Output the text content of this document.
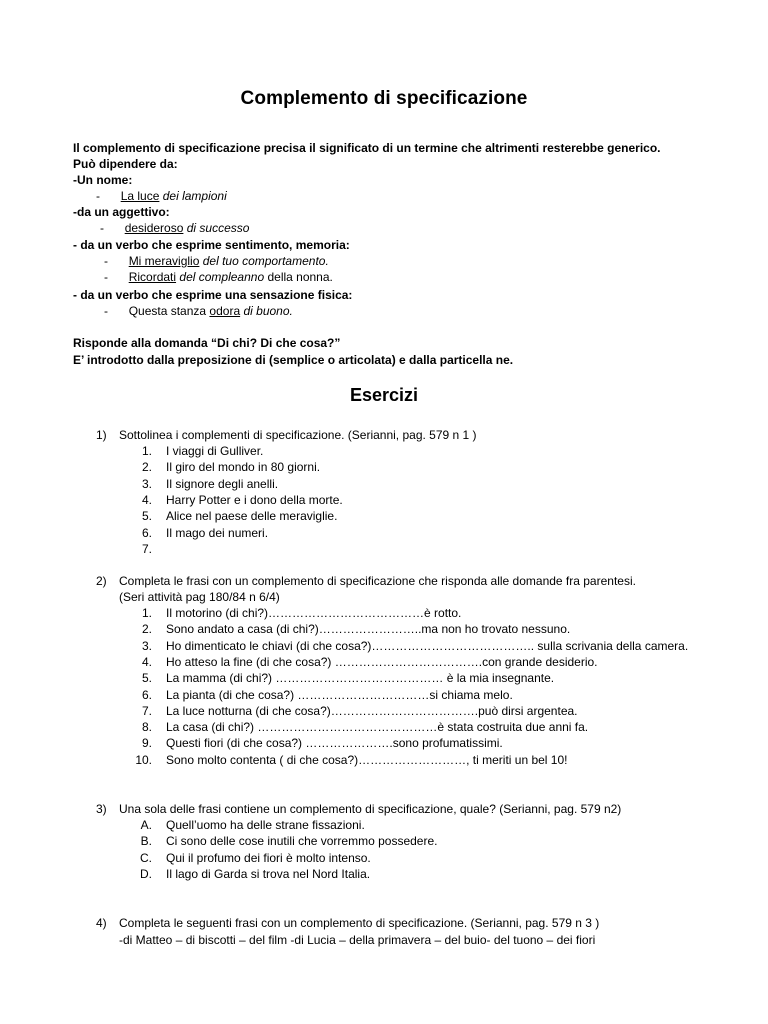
Complemento di specificazione
Il complemento di specificazione precisa il significato di un termine che altrimenti resterebbe generico.
Può dipendere da:
-Un nome:
- La luce dei lampioni
-da un aggettivo:
- desideroso di successo
- da un verbo che esprime sentimento, memoria:
- Mi meraviglio del tuo comportamento.
- Ricordati del compleanno della nonna.
- da un verbo che esprime una sensazione fisica:
- Questa stanza odora di buono.
Risponde alla domanda “Di chi? Di che cosa?”
E’ introdotto dalla preposizione di (semplice o articolata) e dalla particella ne.
Esercizi
1) Sottolinea i complementi di specificazione. (Serianni, pag. 579 n 1 )
1. I viaggi di Gulliver.
2. Il giro del mondo in 80 giorni.
3. Il signore degli anelli.
4. Harry Potter e i dono della morte.
5. Alice nel paese delle meraviglie.
6. Il mago dei numeri.
7.
2) Completa le frasi con un complemento di specificazione che risponda alle domande fra parentesi.
(Seri attività pag 180/84 n 6/4)
1. Il motorino (di chi?)…………………………………è rotto.
2. Sono andato a casa (di chi?)……………………..ma non ho trovato nessuno.
3. Ho dimenticato le chiavi (di che cosa?)………………………………….. sulla scrivania della camera.
4. Ho atteso la fine (di che cosa?) ……………………………….con grande desiderio.
5. La mamma (di chi?) …………………………………… è la mia insegnante.
6. La pianta (di che cosa?) ……………………………si chiama melo.
7. La luce notturna (di che cosa?)……………………………….può dirsi argentea.
8. La casa (di chi?) ………………………………………è stata costruita due anni fa.
9. Questi fiori (di che cosa?) ………………….sono profumatissimi.
10. Sono molto contenta ( di che cosa?)………………………, ti meriti un bel 10!
3) Una sola delle frasi contiene un complemento di specificazione, quale? (Serianni, pag. 579 n2)
A. Quell’uomo ha delle strane fissazioni.
B. Ci sono delle cose inutili che vorremmo possedere.
C. Qui il profumo dei fiori è molto intenso.
D. Il lago di Garda si trova nel Nord Italia.
4) Completa le seguenti frasi con un complemento di specificazione. (Serianni, pag. 579 n 3 )
-di Matteo – di biscotti – del film -di Lucia – della primavera – del buio- del tuono – dei fiori
